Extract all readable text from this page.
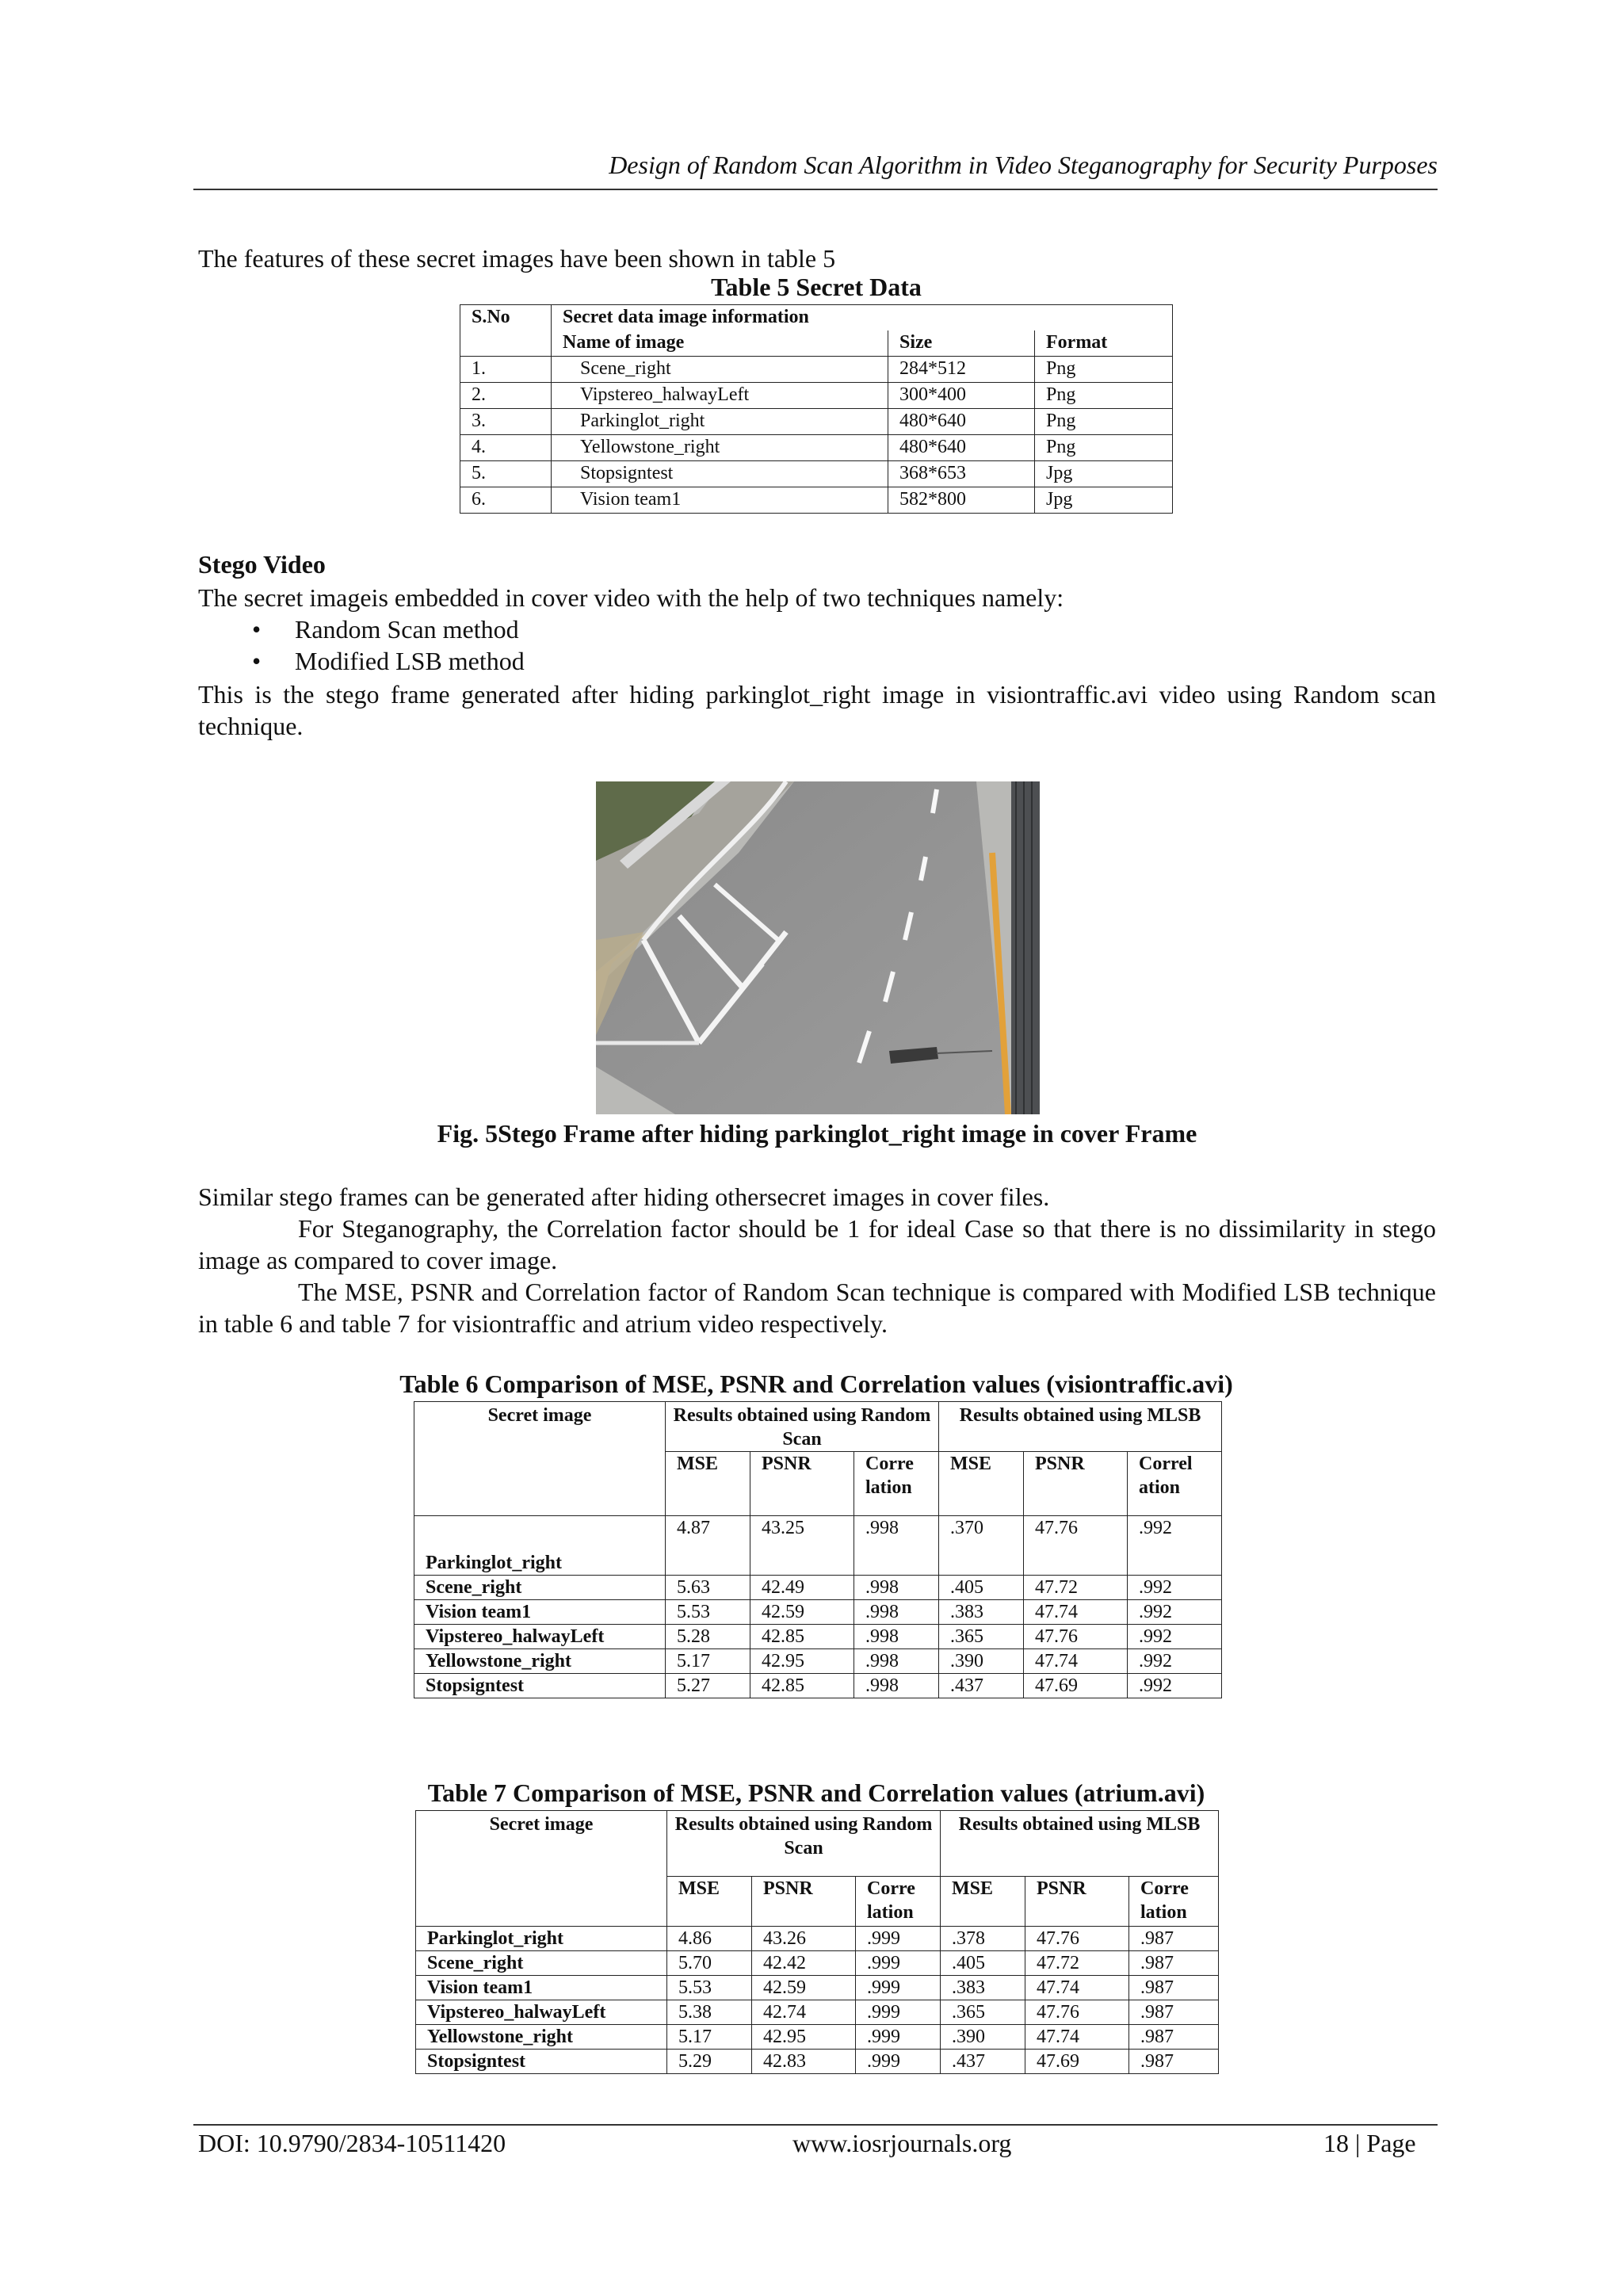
Design of Random Scan Algorithm in Video Steganography for Security Purposes
The features of these secret images have been shown in table 5
Table 5 Secret Data
S.No	Secret data image information		
	Name of image	Size	Format
1.	Scene_right	284*512	Png
2.	Vipstereo_halwayLeft	300*400	Png
3.	Parkinglot_right	480*640	Png
4.	Yellowstone_right	480*640	Png
5.	Stopsigntest	368*653	Jpg
6.	Vision team1	582*800	Jpg
Stego Video
The secret imageis embedded in cover video with the help of two techniques namely:
• Random Scan method
• Modified LSB method
This is the stego frame generated after hiding parkinglot_right image in visiontraffic.avi video using Random scan technique.
Fig. 5Stego Frame after hiding parkinglot_right image in cover Frame
Similar stego frames can be generated after hiding othersecret images in cover files.
For Steganography, the Correlation factor should be 1 for ideal Case so that there is no dissimilarity in stego image as compared to cover image.
The MSE, PSNR and Correlation factor of Random Scan technique is compared with Modified LSB technique in table 6 and table 7 for visiontraffic and atrium video respectively.
Table 6 Comparison of MSE, PSNR and Correlation values (visiontraffic.avi)
Secret image	Results obtained using Random Scan			Results obtained using MLSB		
	MSE	PSNR	Corre lation	MSE	PSNR	Correl ation
Parkinglot_right	4.87	43.25	.998	.370	47.76	.992
Scene_right	5.63	42.49	.998	.405	47.72	.992
Vision team1	5.53	42.59	.998	.383	47.74	.992
Vipstereo_halwayLeft	5.28	42.85	.998	.365	47.76	.992
Yellowstone_right	5.17	42.95	.998	.390	47.74	.992
Stopsigntest	5.27	42.85	.998	.437	47.69	.992
Table 7 Comparison of MSE, PSNR and Correlation values (atrium.avi)
Secret image	Results obtained using Random Scan			Results obtained using MLSB		
	MSE	PSNR	Corre lation	MSE	PSNR	Corre lation
Parkinglot_right	4.86	43.26	.999	.378	47.76	.987
Scene_right	5.70	42.42	.999	.405	47.72	.987
Vision team1	5.53	42.59	.999	.383	47.74	.987
Vipstereo_halwayLeft	5.38	42.74	.999	.365	47.76	.987
Yellowstone_right	5.17	42.95	.999	.390	47.74	.987
Stopsigntest	5.29	42.83	.999	.437	47.69	.987
DOI: 10.9790/2834-10511420	www.iosrjournals.org	18 | Page
